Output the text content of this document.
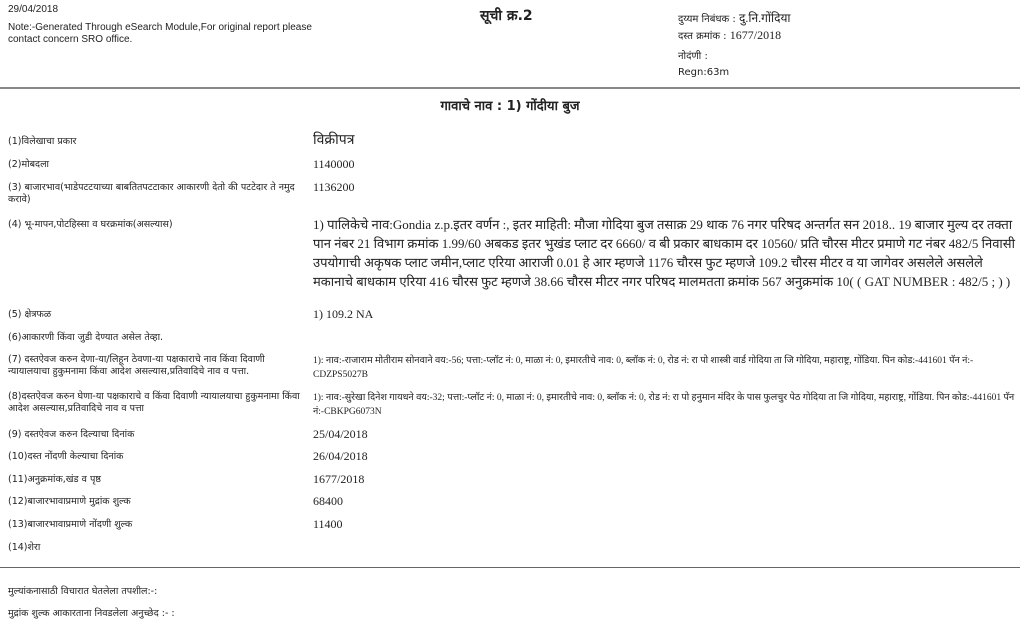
29/04/2018
Note:-Generated Through eSearch Module,For original report please contact concern SRO office.
सूची क्र.2	दुय्यम निबंधक : दु.नि.गोंदिया
दस्त क्रमांक : 1677/2018
नोदंणी :
Regn:63m
गावाचे नाव : 1) गोंदीया बुज
(1)विलेखाचा प्रकार	विक्रीपत्र
(2)मोबदला	1140000
(3) बाजारभाव(भाडेपटटयाच्या बाबतितपटटाकार आकारणी देतो की पटटेदार ते नमुद करावे)
1136200
(4) भू-मापन,पोटहिस्सा व घरक्रमांक(असल्यास)	1) पालिकेचे नाव:Gondia z.p.इतर वर्णन :, इतर माहिती: मौजा गोदिया बुज तसाक्र 29 थाक 76 नगर परिषद अन्तर्गत सन 2018.. 19 बाजार मुल्य दर तक्ता पान नंबर 21 विभाग क्रमांक 1.99/60 अबकड इतर भुखंड प्लाट दर 6660/ व बी प्रकार बाधकाम दर 10560/ प्रति चौरस मीटर प्रमाणे गट नंबर 482/5 निवासी उपयोगाची अकृषक प्लाट जमीन,प्लाट एरिया आराजी 0.01 हे आर म्हणजे 1176 चौरस फुट म्हणजे 109.2 चौरस मीटर व या जागेवर असलेले असलेले मकानाचे बाधकाम एरिया 416 चौरस फुट म्हणजे 38.66 चौरस मीटर नगर परिषद मालमतता क्रमांक 567 अनुक्रमांक 10( ( GAT NUMBER : 482/5 ; ) )
(5) क्षेत्रफळ	1) 109.2 NA
(6)आकारणी किंवा जुडी देण्यात असेल तेव्हा.
(7) दस्तऐवज करुन देणा-या/लिहून ठेवणा-या पक्षकाराचे नाव किंवा दिवाणी न्यायालयाचा हुकुमनामा किंवा आदेश असल्यास,प्रतिवादिचे नाव व पत्ता.
1): नाव:-राजाराम मोतीराम सोनवाने वय:-56; पत्ता:-प्लॉट नं: 0, माळा नं: 0, इमारतीचे नाव: 0, ब्लॉक नं: 0, रोड नं: रा पो शास्त्री वार्ड गोदिया ता जि गोदिया, महाराष्ट्र, गोंडिया. पिन कोड:-441601 पॅन नं:-CDZPS5027B
(8)दस्तऐवज करुन घेणा-या पक्षकाराचे व किंवा दिवाणी न्यायालयाचा हुकुमनामा किंवा आदेश असल्यास,प्रतिवादिचे नाव व पत्ता
1): नाव:-सुरेखा दिनेश गायधने वय:-32; पत्ता:-प्लॉट नं: 0, माळा नं: 0, इमारतीचे नाव: 0, ब्लॉक नं: 0, रोड नं: रा पो हनुमान मंदिर के पास फुलचुर पेठ गोदिया ता जि गोदिया, महाराष्ट्र, गोंडिया. पिन कोड:-441601 पॅन नं:-CBKPG6073N
(9) दस्तऐवज करुन दिल्याचा दिनांक	25/04/2018
(10)दस्त नोंदणी केल्याचा दिनांक	26/04/2018
(11)अनुक्रमांक,खंड व पृष्ठ	1677/2018
(12)बाजारभावाप्रमाणे मुद्रांक शुल्क	68400
(13)बाजारभावाप्रमाणे नोंदणी शुल्क	11400
(14)शेरा
मुल्यांकनासाठी विचारात घेतलेला तपशील:-:
मुद्रांक शुल्क आकारताना निवडलेला अनुच्छेद :- :
